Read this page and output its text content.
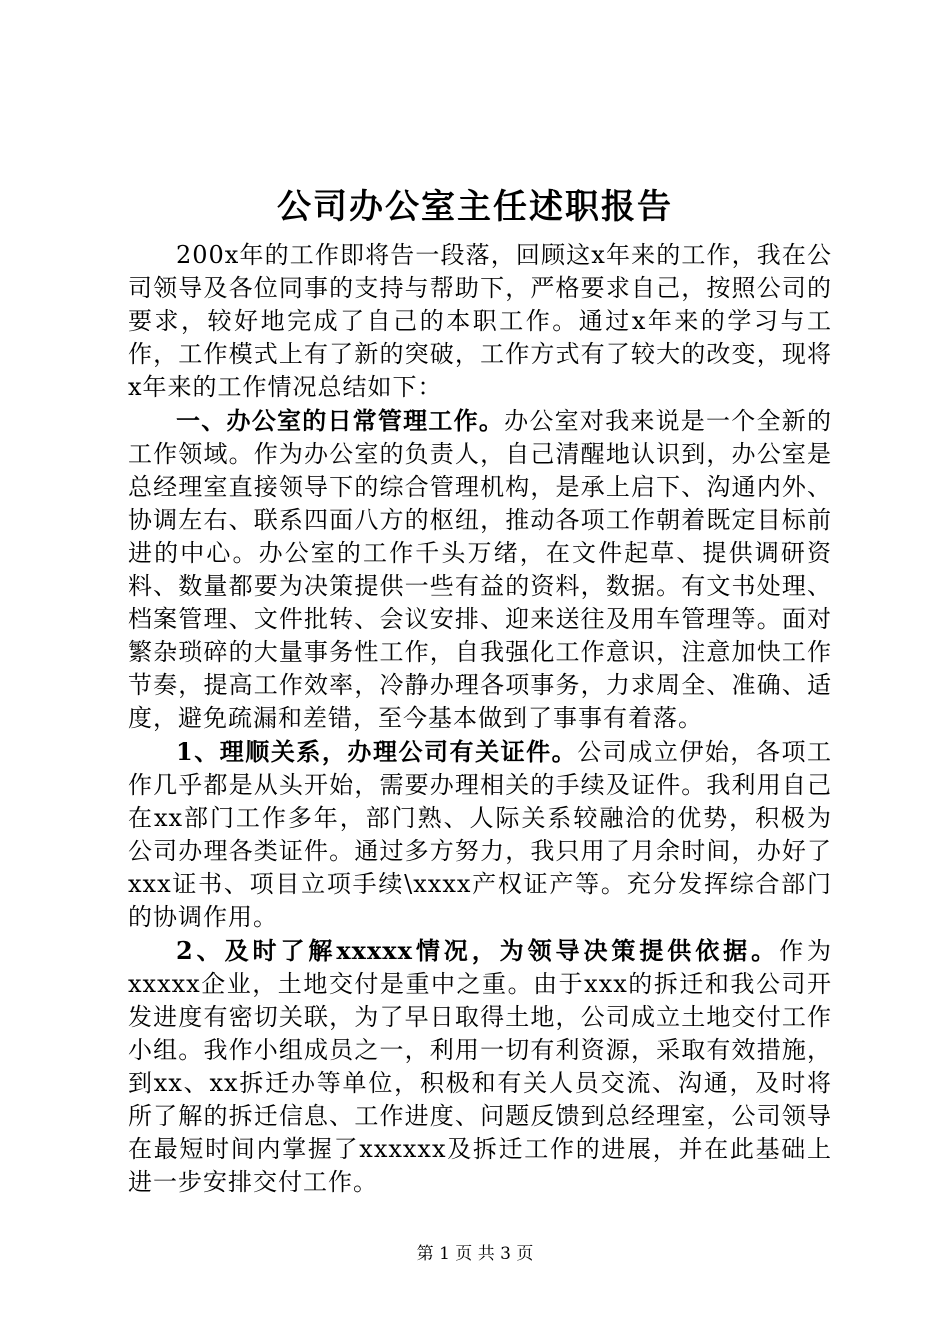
公司办公室主任述职报告

200x年的工作即将告一段落，回顾这x年来的工作，我在公司领导及各位同事的支持与帮助下，严格要求自己，按照公司的要求，较好地完成了自己的本职工作。通过x年来的学习与工作，工作模式上有了新的突破，工作方式有了较大的改变，现将x年来的工作情况总结如下：

一、办公室的日常管理工作。办公室对我来说是一个全新的工作领域。作为办公室的负责人，自己清醒地认识到，办公室是总经理室直接领导下的综合管理机构，是承上启下、沟通内外、协调左右、联系四面八方的枢纽，推动各项工作朝着既定目标前进的中心。办公室的工作千头万绪，在文件起草、提供调研资料、数量都要为决策提供一些有益的资料，数据。有文书处理、档案管理、文件批转、会议安排、迎来送往及用车管理等。面对繁杂琐碎的大量事务性工作，自我强化工作意识，注意加快工作节奏，提高工作效率，冷静办理各项事务，力求周全、准确、适度，避免疏漏和差错，至今基本做到了事事有着落。

1、理顺关系，办理公司有关证件。公司成立伊始，各项工作几乎都是从头开始，需要办理相关的手续及证件。我利用自己在xx部门工作多年，部门熟、人际关系较融洽的优势，积极为公司办理各类证件。通过多方努力，我只用了月余时间，办好了xxx证书、项目立项手续\xxxx产权证产等。充分发挥综合部门的协调作用。

2、及时了解xxxxx情况，为领导决策提供依据。作为xxxxx企业，土地交付是重中之重。由于xxx的拆迁和我公司开发进度有密切关联，为了早日取得土地，公司成立土地交付工作小组。我作小组成员之一，利用一切有利资源，采取有效措施，到xx、xx拆迁办等单位，积极和有关人员交流、沟通，及时将所了解的拆迁信息、工作进度、问题反馈到总经理室，公司领导在最短时间内掌握了xxxxxx及拆迁工作的进展，并在此基础上进一步安排交付工作。

第 1 页 共 3 页
